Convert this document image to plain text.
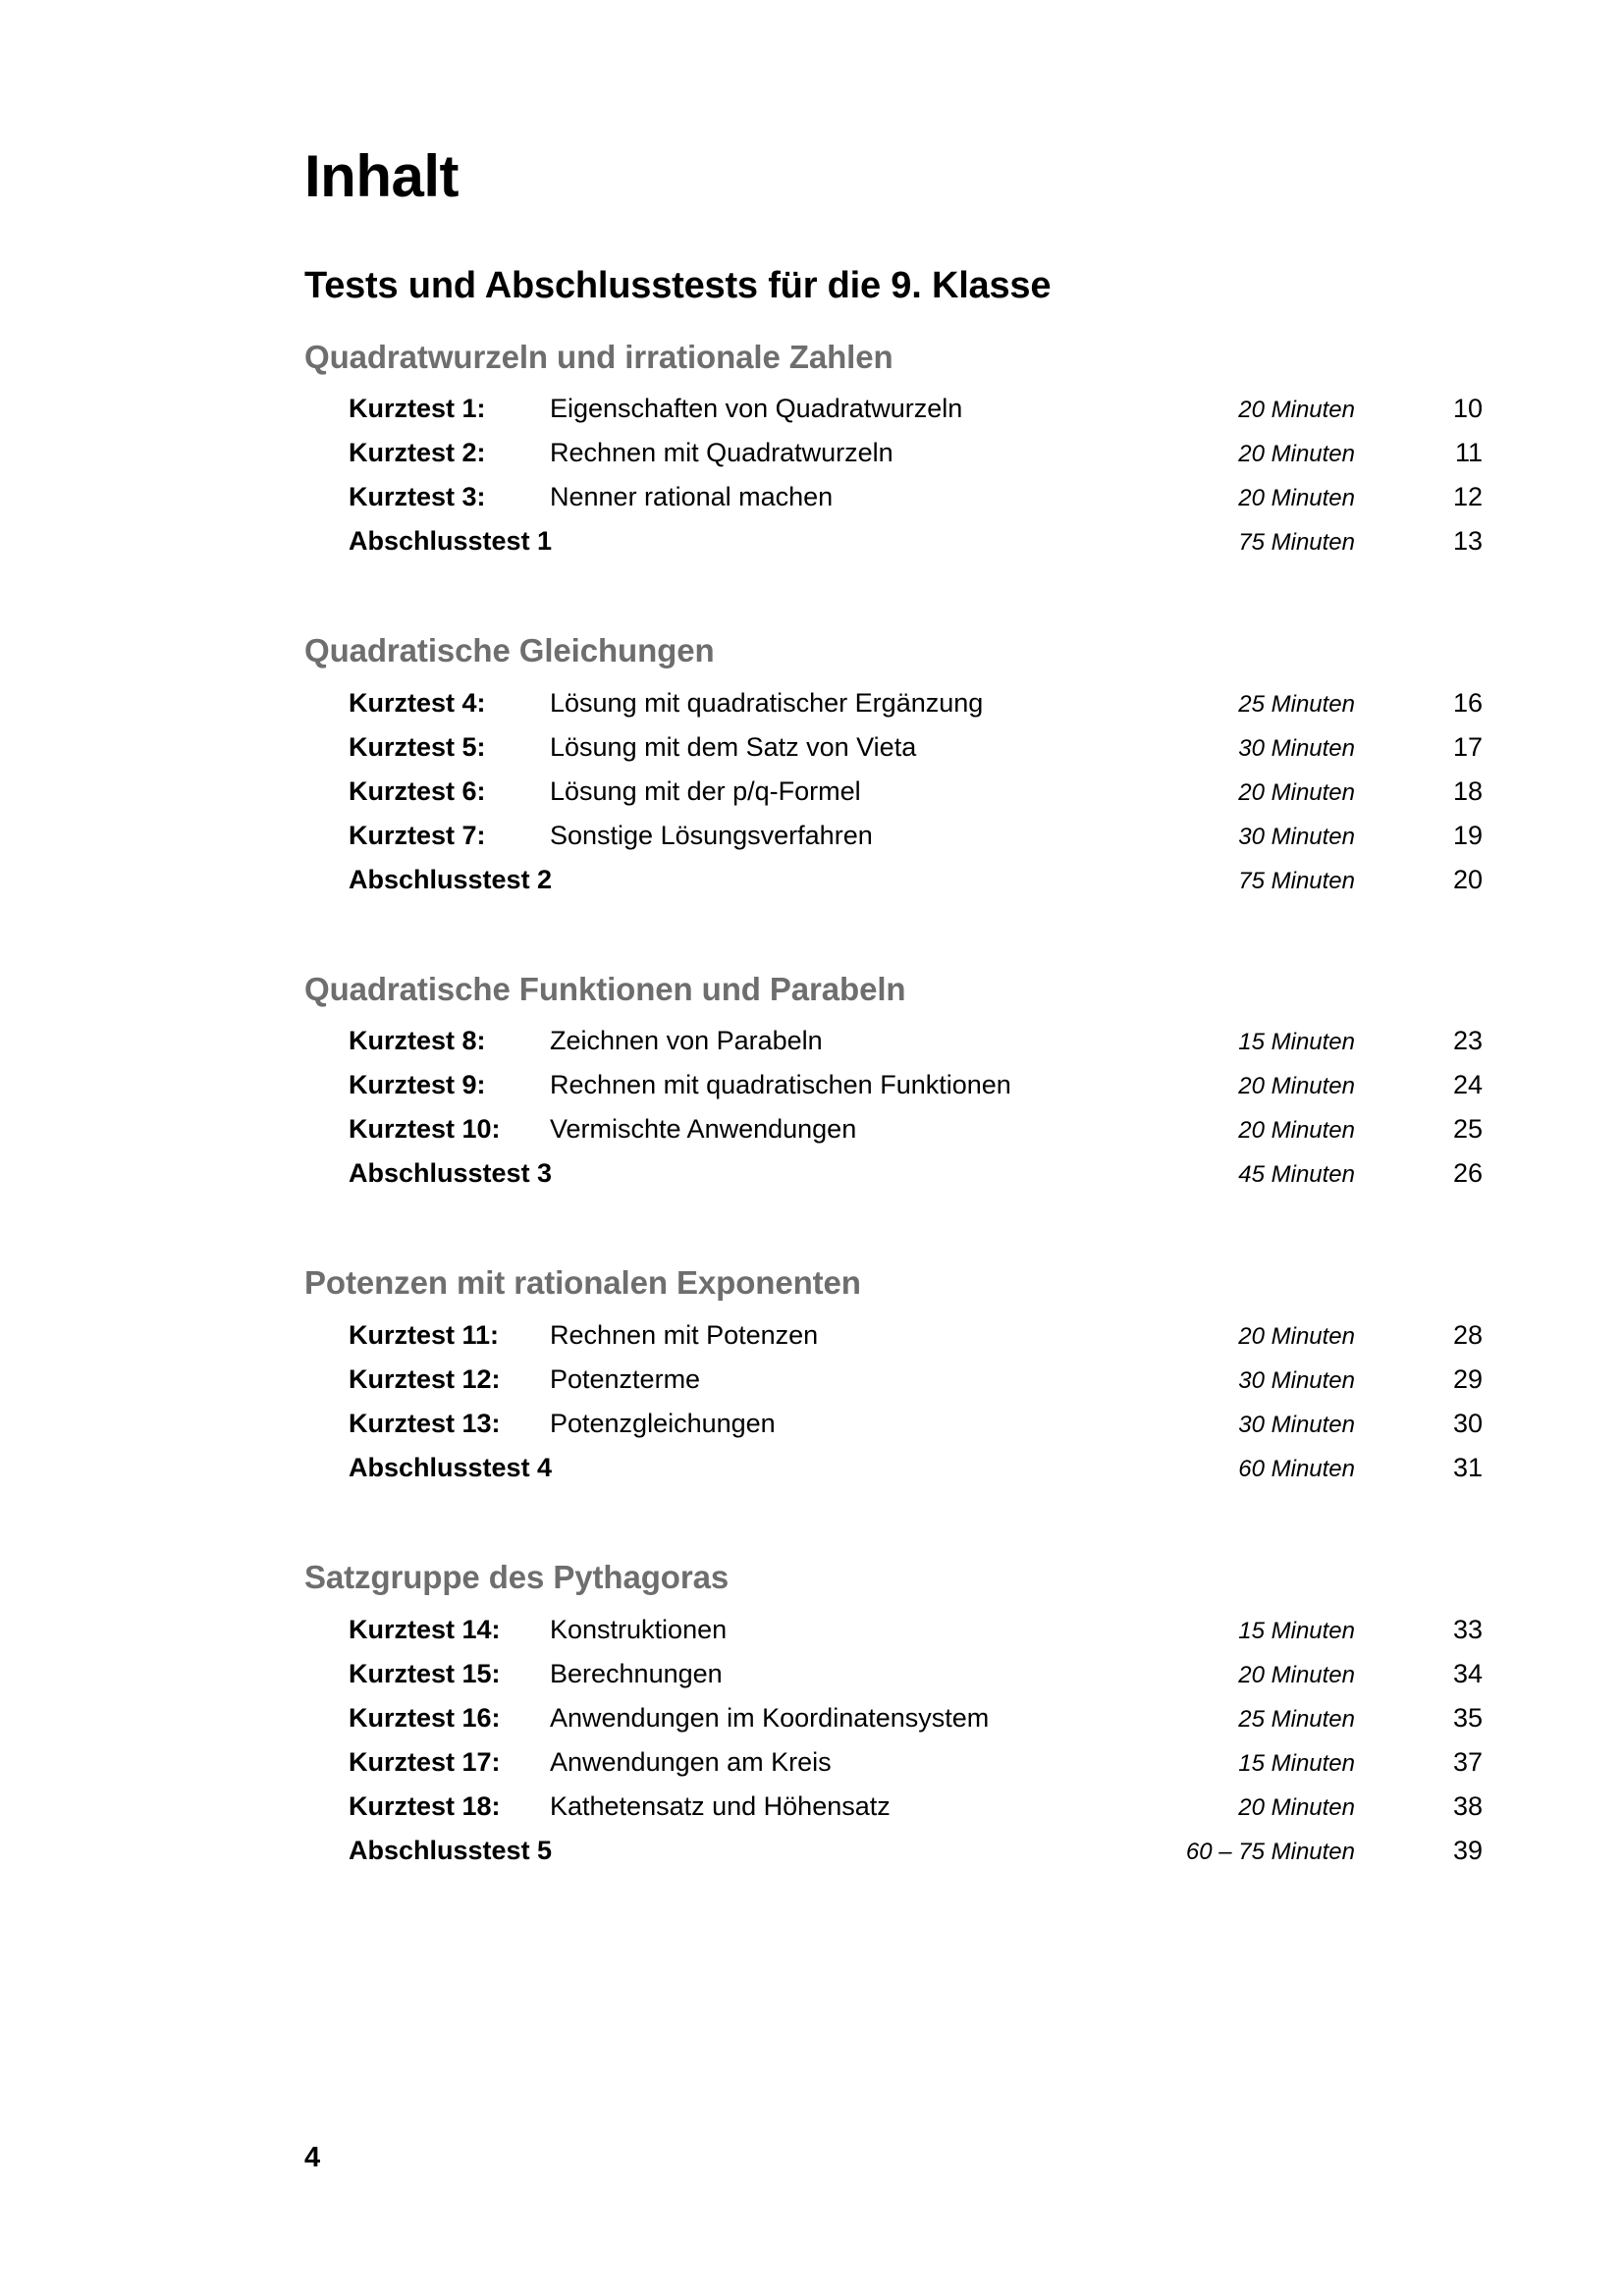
Inhalt
Tests und Abschlusstests für die 9. Klasse
Quadratwurzeln und irrationale Zahlen
Kurztest 1:	Eigenschaften von Quadratwurzeln	20 Minuten	10
Kurztest 2:	Rechnen mit Quadratwurzeln	20 Minuten	11
Kurztest 3:	Nenner rational machen	20 Minuten	12
Abschlusstest 1	75 Minuten	13
Quadratische Gleichungen
Kurztest 4:	Lösung mit quadratischer Ergänzung	25 Minuten	16
Kurztest 5:	Lösung mit dem Satz von Vieta	30 Minuten	17
Kurztest 6:	Lösung mit der p/q-Formel	20 Minuten	18
Kurztest 7:	Sonstige Lösungsverfahren	30 Minuten	19
Abschlusstest 2	75 Minuten	20
Quadratische Funktionen und Parabeln
Kurztest 8:	Zeichnen von Parabeln	15 Minuten	23
Kurztest 9:	Rechnen mit quadratischen Funktionen	20 Minuten	24
Kurztest 10:	Vermischte Anwendungen	20 Minuten	25
Abschlusstest 3	45 Minuten	26
Potenzen mit rationalen Exponenten
Kurztest 11:	Rechnen mit Potenzen	20 Minuten	28
Kurztest 12:	Potenzterme	30 Minuten	29
Kurztest 13:	Potenzgleichungen	30 Minuten	30
Abschlusstest 4	60 Minuten	31
Satzgruppe des Pythagoras
Kurztest 14:	Konstruktionen	15 Minuten	33
Kurztest 15:	Berechnungen	20 Minuten	34
Kurztest 16:	Anwendungen im Koordinatensystem	25 Minuten	35
Kurztest 17:	Anwendungen am Kreis	15 Minuten	37
Kurztest 18:	Kathetensatz und Höhensatz	20 Minuten	38
Abschlusstest 5	60 – 75 Minuten	39
4
